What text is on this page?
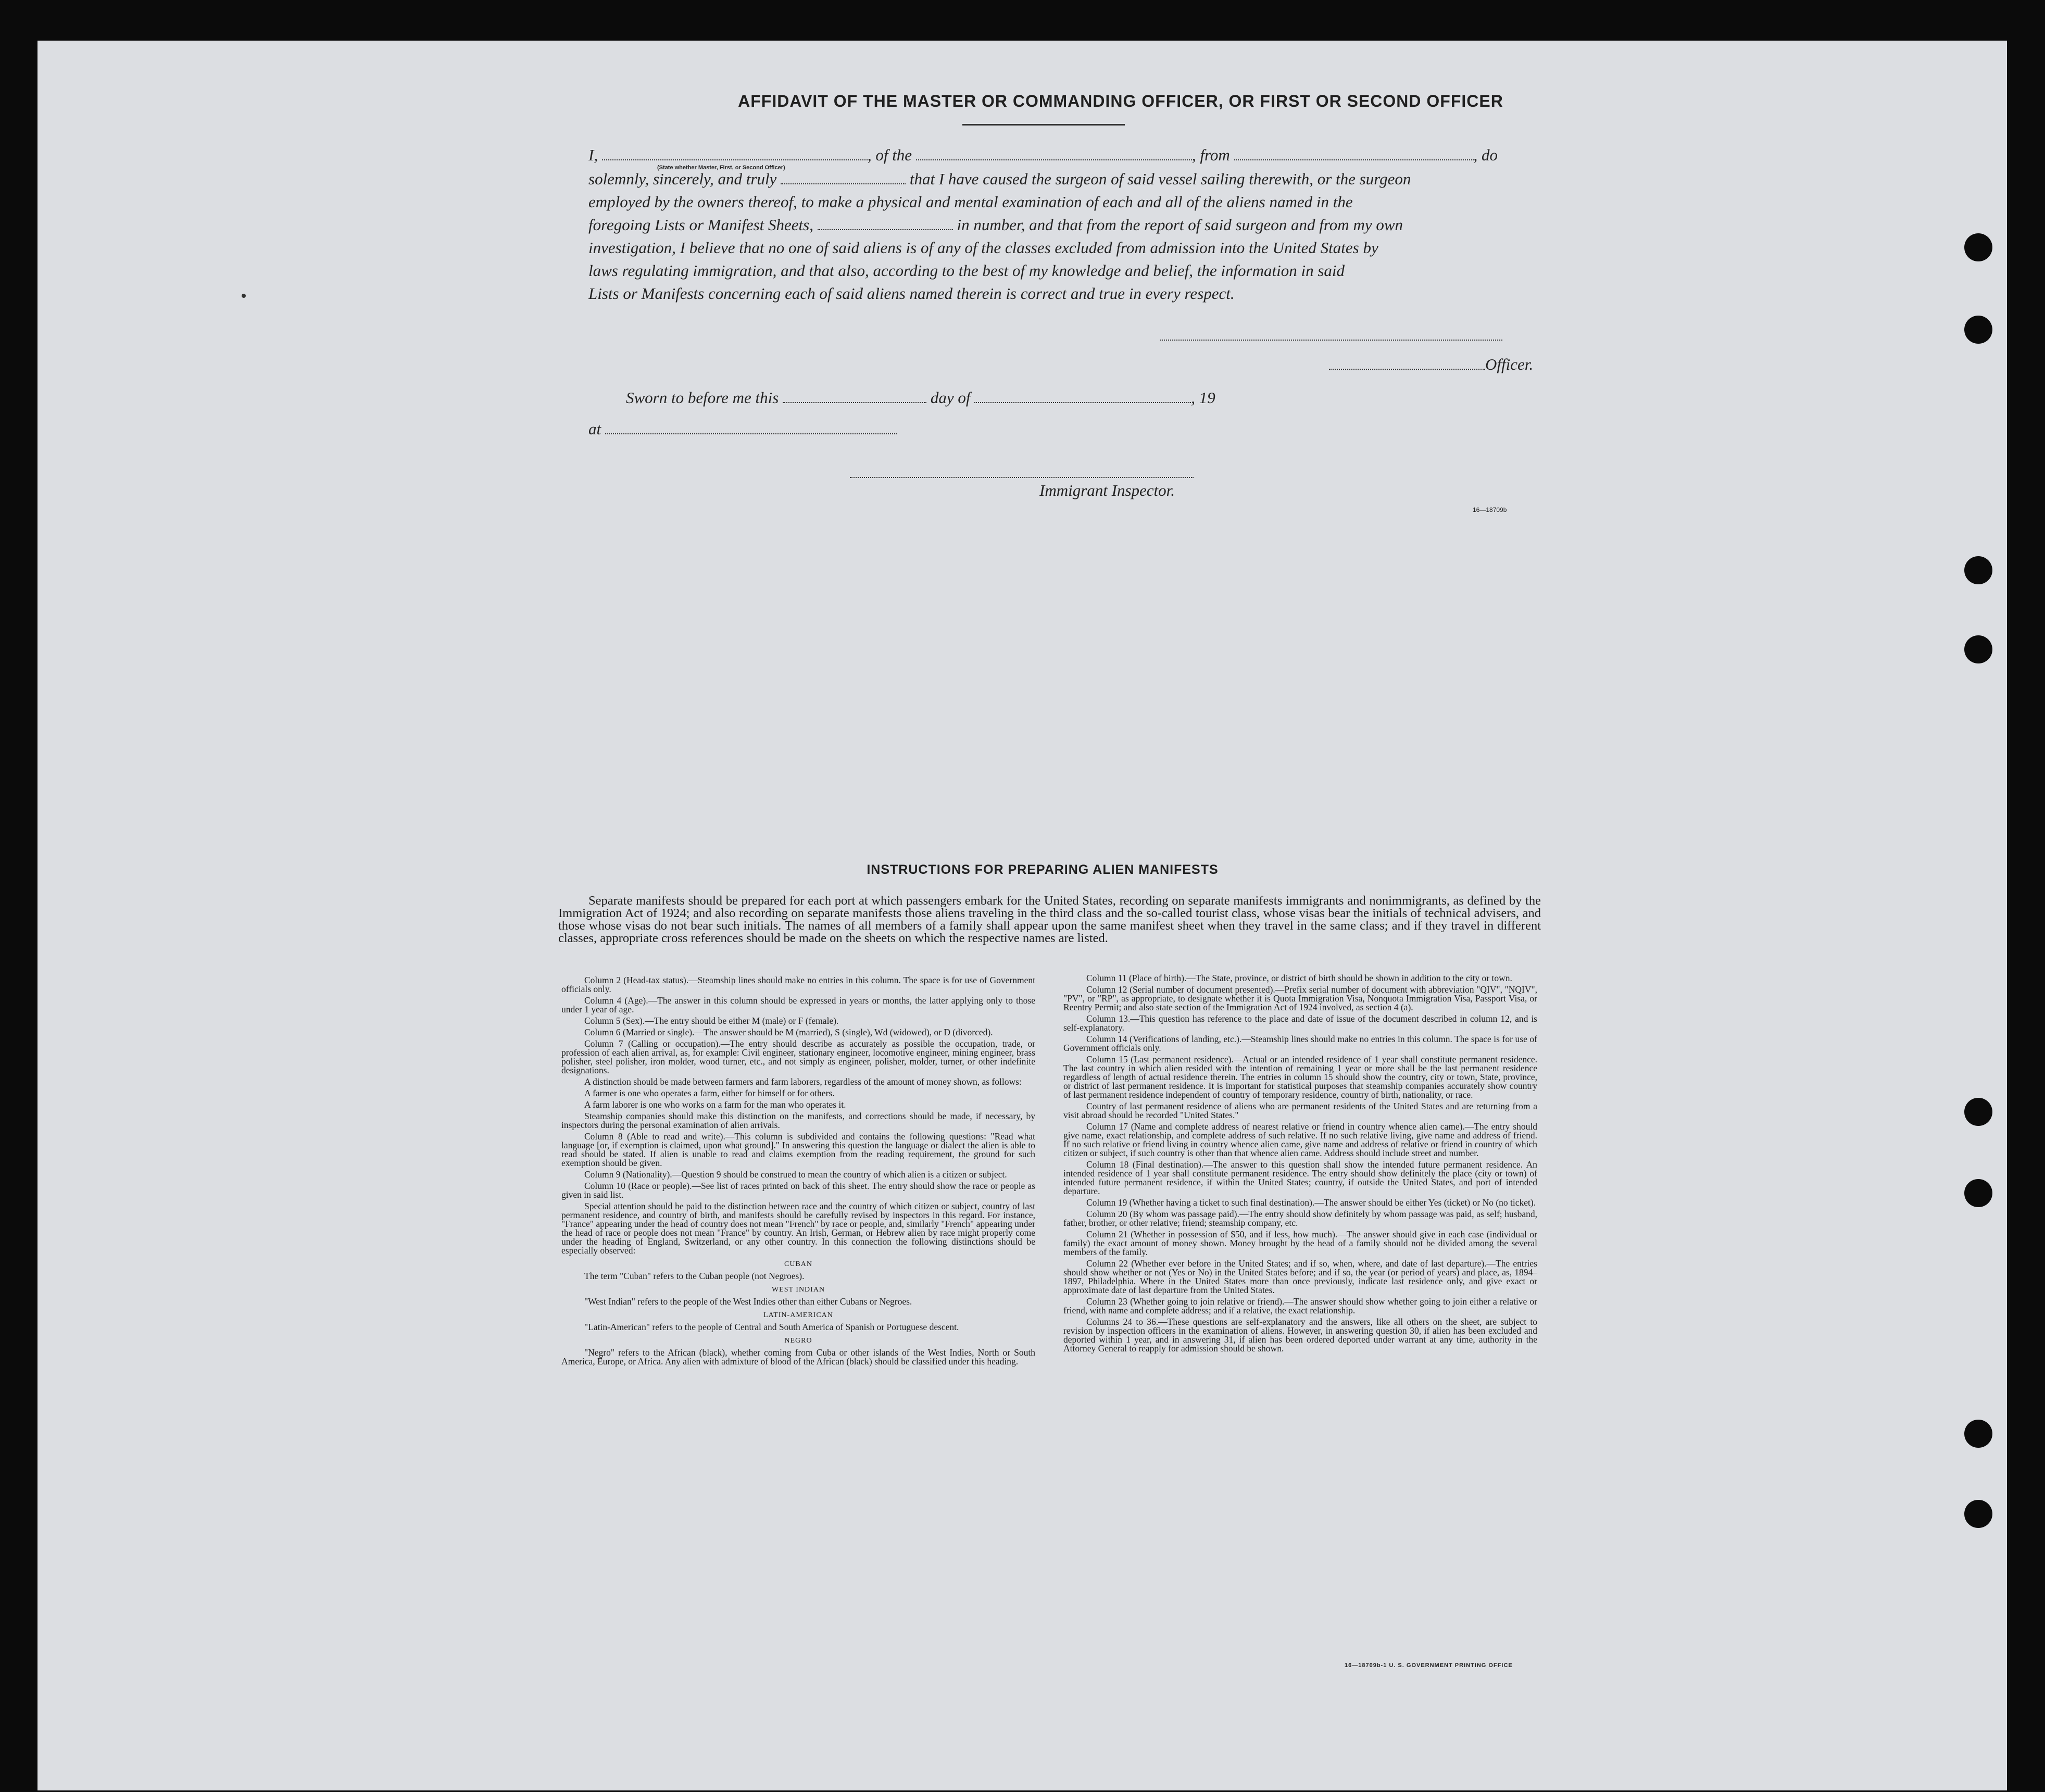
AFFIDAVIT OF THE MASTER OR COMMANDING OFFICER, OR FIRST OR SECOND OFFICER
I,	, of the	, from	, do
(State whether Master, First, or Second Officer)
solemnly, sincerely, and truly	that I have caused the surgeon of said vessel sailing therewith, or the surgeon
employed by the owners thereof, to make a physical and mental examination of each and all of the aliens named in the
foregoing Lists or Manifest Sheets,	in number, and that from the report of said surgeon and from my own
investigation, I believe that no one of said aliens is of any of the classes excluded from admission into the United States by
laws regulating immigration, and that also, according to the best of my knowledge and belief, the information in said
Lists or Manifests concerning each of said aliens named therein is correct and true in every respect.
Officer.
Sworn to before me this	day of	, 19
at
Immigrant Inspector.
16—18709b
INSTRUCTIONS FOR PREPARING ALIEN MANIFESTS
Separate manifests should be prepared for each port at which passengers embark for the United States, recording on separate manifests immigrants and nonimmigrants, as defined by the Immigration Act of 1924; and also recording on separate manifests those aliens traveling in the third class and the so-called tourist class, whose visas bear the initials of technical advisers, and those whose visas do not bear such initials. The names of all members of a family shall appear upon the same manifest sheet when they travel in the same class; and if they travel in different classes, appropriate cross references should be made on the sheets on which the respective names are listed.

Column 2 (Head-tax status).—Steamship lines should make no entries in this column. The space is for use of Government officials only.

Column 4 (Age).—The answer in this column should be expressed in years or months, the latter applying only to those under 1 year of age.

Column 5 (Sex).—The entry should be either M (male) or F (female).

Column 6 (Married or single).—The answer should be M (married), S (single), Wd (widowed), or D (divorced).

Column 7 (Calling or occupation).—The entry should describe as accurately as possible the occupation, trade, or profession of each alien arrival, as, for example: Civil engineer, stationary engineer, locomotive engineer, mining engineer, brass polisher, steel polisher, iron molder, wood turner, etc., and not simply as engineer, polisher, molder, turner, or other indefinite designations.

A distinction should be made between farmers and farm laborers, regardless of the amount of money shown, as follows:

A farmer is one who operates a farm, either for himself or for others.

A farm laborer is one who works on a farm for the man who operates it.

Steamship companies should make this distinction on the manifests, and corrections should be made, if necessary, by inspectors during the personal examination of alien arrivals.

Column 8 (Able to read and write).—This column is subdivided and contains the following questions: "Read what language [or, if exemption is claimed, upon what ground]." In answering this question the language or dialect the alien is able to read should be stated. If alien is unable to read and claims exemption from the reading requirement, the ground for such exemption should be given.

Column 9 (Nationality).—Question 9 should be construed to mean the country of which alien is a citizen or subject.

Column 10 (Race or people).—See list of races printed on back of this sheet. The entry should show the race or people as given in said list.

Special attention should be paid to the distinction between race and the country of which citizen or subject, country of last permanent residence, and country of birth, and manifests should be carefully revised by inspectors in this regard. For instance, "France" appearing under the head of country does not mean "French" by race or people, and, similarly "French" appearing under the head of race or people does not mean "France" by country. An Irish, German, or Hebrew alien by race might properly come under the heading of England, Switzerland, or any other country. In this connection the following distinctions should be especially observed:

CUBAN

The term "Cuban" refers to the Cuban people (not Negroes).

WEST INDIAN

"West Indian" refers to the people of the West Indies other than either Cubans or Negroes.

LATIN-AMERICAN

"Latin-American" refers to the people of Central and South America of Spanish or Portuguese descent.

NEGRO

"Negro" refers to the African (black), whether coming from Cuba or other islands of the West Indies, North or South America, Europe, or Africa. Any alien with admixture of blood of the African (black) should be classified under this heading.

Column 11 (Place of birth).—The State, province, or district of birth should be shown in addition to the city or town.

Column 12 (Serial number of document presented).—Prefix serial number of document with abbreviation "QIV", "NQIV", "PV", or "RP", as appropriate, to designate whether it is Quota Immigration Visa, Nonquota Immigration Visa, Passport Visa, or Reentry Permit; and also state section of the Immigration Act of 1924 involved, as section 4 (a).

Column 13.—This question has reference to the place and date of issue of the document described in column 12, and is self-explanatory.

Column 14 (Verifications of landing, etc.).—Steamship lines should make no entries in this column. The space is for use of Government officials only.

Column 15 (Last permanent residence).—Actual or an intended residence of 1 year shall constitute permanent residence. The last country in which alien resided with the intention of remaining 1 year or more shall be the last permanent residence regardless of length of actual residence therein. The entries in column 15 should show the country, city or town, State, province, or district of last permanent residence. It is important for statistical purposes that steamship companies accurately show country of last permanent residence independent of country of temporary residence, country of birth, nationality, or race.

Country of last permanent residence of aliens who are permanent residents of the United States and are returning from a visit abroad should be recorded "United States."

Column 17 (Name and complete address of nearest relative or friend in country whence alien came).—The entry should give name, exact relationship, and complete address of such relative. If no such relative living, give name and address of friend. If no such relative or friend living in country whence alien came, give name and address of relative or friend in country of which citizen or subject, if such country is other than that whence alien came. Address should include street and number.

Column 18 (Final destination).—The answer to this question shall show the intended future permanent residence. An intended residence of 1 year shall constitute permanent residence. The entry should show definitely the place (city or town) of intended future permanent residence, if within the United States; country, if outside the United States, and port of intended departure.

Column 19 (Whether having a ticket to such final destination).—The answer should be either Yes (ticket) or No (no ticket).

Column 20 (By whom was passage paid).—The entry should show definitely by whom passage was paid, as self; husband, father, brother, or other relative; friend; steamship company, etc.

Column 21 (Whether in possession of $50, and if less, how much).—The answer should give in each case (individual or family) the exact amount of money shown. Money brought by the head of a family should not be divided among the several members of the family.

Column 22 (Whether ever before in the United States; and if so, when, where, and date of last departure).—The entries should show whether or not (Yes or No) in the United States before; and if so, the year (or period of years) and place, as, 1894–1897, Philadelphia. Where in the United States more than once previously, indicate last residence only, and give exact or approximate date of last departure from the United States.

Column 23 (Whether going to join relative or friend).—The answer should show whether going to join either a relative or friend, with name and complete address; and if a relative, the exact relationship.

Columns 24 to 36.—These questions are self-explanatory and the answers, like all others on the sheet, are subject to revision by inspection officers in the examination of aliens. However, in answering question 30, if alien has been excluded and deported within 1 year, and in answering 31, if alien has been ordered deported under warrant at any time, authority in the Attorney General to reapply for admission should be shown.

16—18709b-1 U. S. GOVERNMENT PRINTING OFFICE
